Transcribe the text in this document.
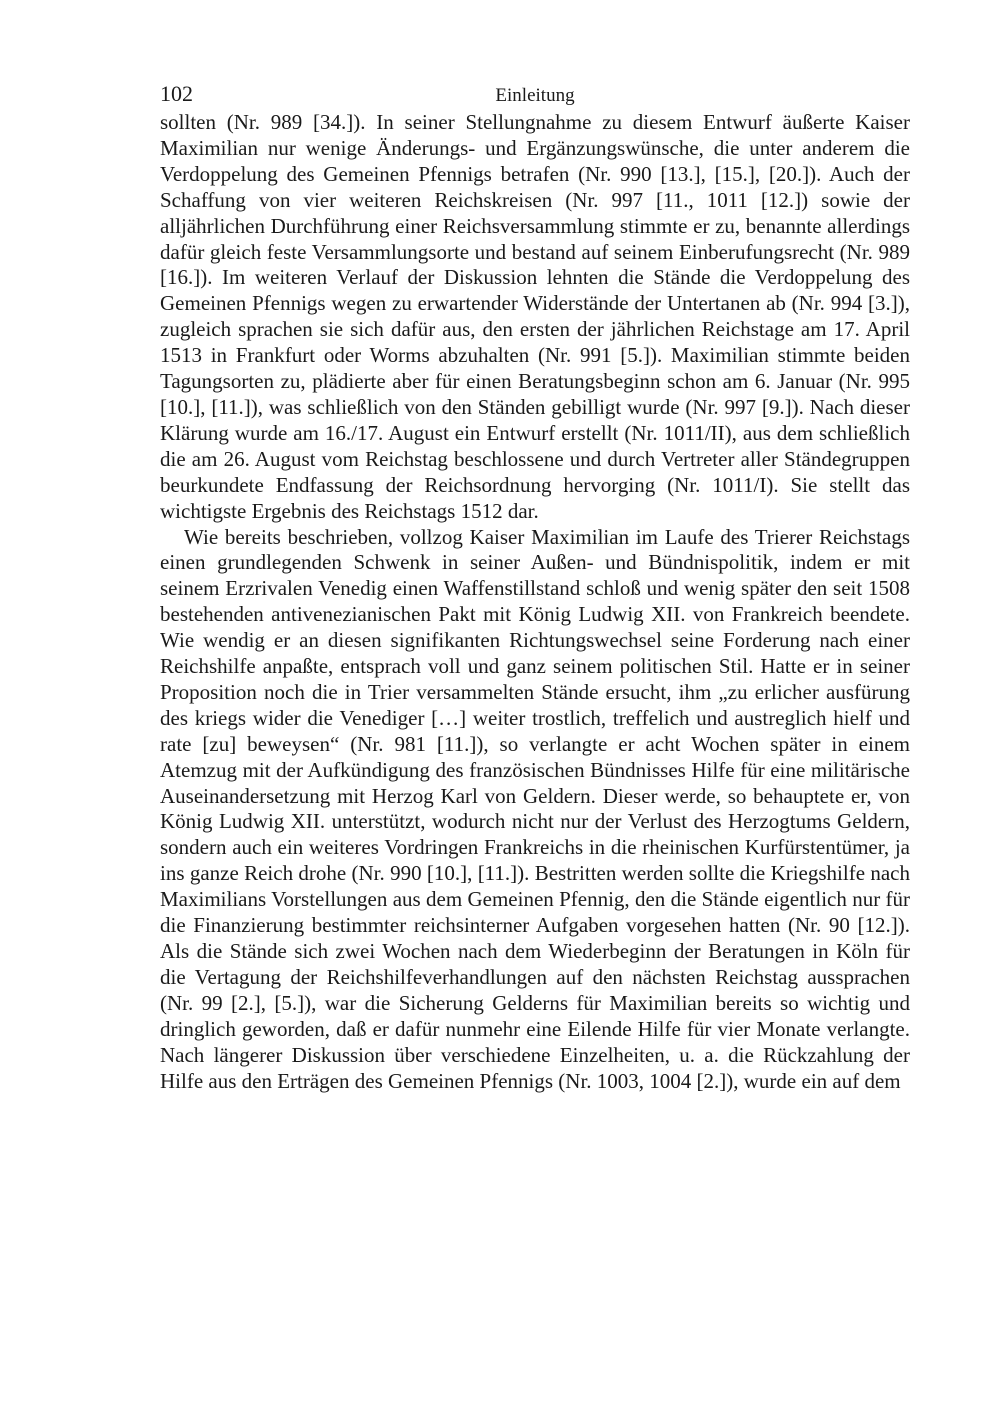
102	Einleitung

sollten (Nr. 989 [34.]). In seiner Stellungnahme zu diesem Entwurf äußerte Kaiser Maximilian nur wenige Änderungs- und Ergänzungswünsche, die unter anderem die Verdoppelung des Gemeinen Pfennigs betrafen (Nr. 990 [13.], [15.], [20.]). Auch der Schaffung von vier weiteren Reichskreisen (Nr. 997 [11., 1011 [12.]) sowie der alljährlichen Durchführung einer Reichsversammlung stimmte er zu, benannte allerdings dafür gleich feste Versammlungsorte und bestand auf seinem Einberufungsrecht (Nr. 989 [16.]). Im weiteren Verlauf der Diskussion lehnten die Stände die Verdoppelung des Gemeinen Pfennigs wegen zu erwartender Widerstände der Untertanen ab (Nr. 994 [3.]), zugleich sprachen sie sich dafür aus, den ersten der jährlichen Reichstage am 17. April 1513 in Frankfurt oder Worms abzuhalten (Nr. 991 [5.]). Maximilian stimmte beiden Tagungsorten zu, plädierte aber für einen Beratungsbeginn schon am 6. Januar (Nr. 995 [10.], [11.]), was schließlich von den Ständen gebilligt wurde (Nr. 997 [9.]). Nach dieser Klärung wurde am 16./17. August ein Entwurf erstellt (Nr. 1011/II), aus dem schließlich die am 26. August vom Reichstag beschlossene und durch Vertreter aller Ständegruppen beurkundete Endfassung der Reichsordnung hervorging (Nr. 1011/I). Sie stellt das wichtigste Ergebnis des Reichstags 1512 dar.

Wie bereits beschrieben, vollzog Kaiser Maximilian im Laufe des Trierer Reichstags einen grundlegenden Schwenk in seiner Außen- und Bündnispolitik, indem er mit seinem Erzrivalen Venedig einen Waffenstillstand schloß und wenig später den seit 1508 bestehenden antivenezianischen Pakt mit König Ludwig XII. von Frankreich beendete. Wie wendig er an diesen signifikanten Richtungswechsel seine Forderung nach einer Reichshilfe anpaßte, entsprach voll und ganz seinem politischen Stil. Hatte er in seiner Proposition noch die in Trier versammelten Stände ersucht, ihm „zu erlicher ausfürung des kriegs wider die Venediger […] weiter trostlich, treffelich und austreglich hielf und rate [zu] beweysen“ (Nr. 981 [11.]), so verlangte er acht Wochen später in einem Atemzug mit der Aufkündigung des französischen Bündnisses Hilfe für eine militärische Auseinandersetzung mit Herzog Karl von Geldern. Dieser werde, so behauptete er, von König Ludwig XII. unterstützt, wodurch nicht nur der Verlust des Herzogtums Geldern, sondern auch ein weiteres Vordringen Frankreichs in die rheinischen Kurfürstentümer, ja ins ganze Reich drohe (Nr. 990 [10.], [11.]). Bestritten werden sollte die Kriegshilfe nach Maximilians Vorstellungen aus dem Gemeinen Pfennig, den die Stände eigentlich nur für die Finanzierung bestimmter reichsinterner Aufgaben vorgesehen hatten (Nr. 90 [12.]). Als die Stände sich zwei Wochen nach dem Wiederbeginn der Beratungen in Köln für die Vertagung der Reichshilfeverhandlungen auf den nächsten Reichstag aussprachen (Nr. 99 [2.], [5.]), war die Sicherung Gelderns für Maximilian bereits so wichtig und dringlich geworden, daß er dafür nunmehr eine Eilende Hilfe für vier Monate verlangte. Nach längerer Diskussion über verschiedene Einzelheiten, u. a. die Rückzahlung der Hilfe aus den Erträgen des Gemeinen Pfennigs (Nr. 1003, 1004 [2.]), wurde ein auf dem
